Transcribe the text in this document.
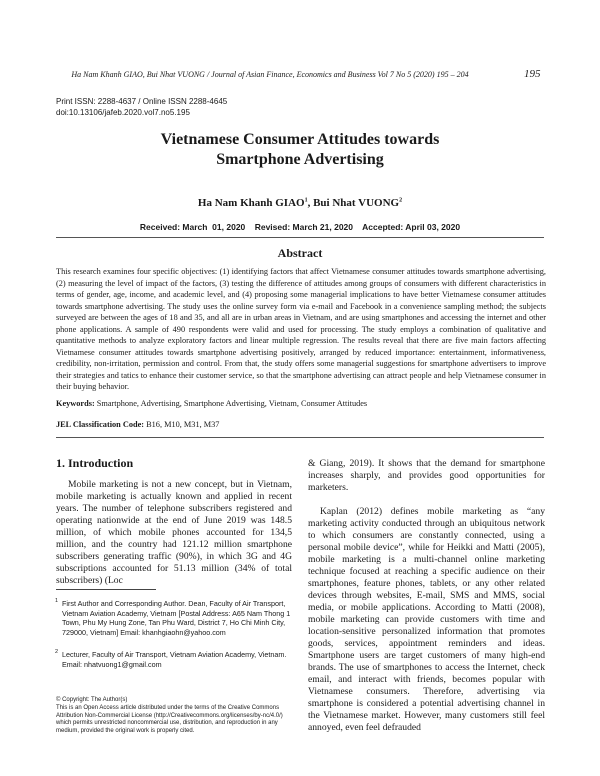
Ha Nam Khanh GIAO, Bui Nhat VUONG / Journal of Asian Finance, Economics and Business Vol 7 No 5 (2020) 195 – 204	195
Print ISSN: 2288-4637 / Online ISSN 2288-4645
doi:10.13106/jafeb.2020.vol7.no5.195
Vietnamese Consumer Attitudes towards
Smartphone Advertising
Ha Nam Khanh GIAO$^1$, Bui Nhat VUONG$^2$
Received: March  01, 2020    Revised: March 21, 2020    Accepted: April 03, 2020
Abstract
This research examines four specific objectives: (1) identifying factors that affect Vietnamese consumer attitudes towards smartphone advertising, (2) measuring the level of impact of the factors, (3) testing the difference of attitudes among groups of consumers with different characteristics in terms of gender, age, income, and academic level, and (4) proposing some managerial implications to have better Vietnamese consumer attitudes towards smartphone advertising. The study uses the online survey form via e-mail and Facebook in a convenience sampling method; the subjects surveyed are between the ages of 18 and 35, and all are in urban areas in Vietnam, and are using smartphones and accessing the internet and other phone applications. A sample of 490 respondents were valid and used for processing. The study employs a combination of qualitative and quantitative methods to analyze exploratory factors and linear multiple regression. The results reveal that there are five main factors affecting Vietnamese consumer attitudes towards smartphone advertising positively, arranged by reduced importance: entertainment, informativeness, credibility, non-irritation, permission and control. From that, the study offers some managerial suggestions for smartphone advertisers to improve their strategies and tatics to enhance their customer service, so that the smartphone advertising can attract people and help Vietnamese consumer in their buying behavior.
Keywords: Smartphone, Advertising, Smartphone Advertising, Vietnam, Consumer Attitudes
JEL Classification Code: B16, M10, M31, M37
1. Introduction

Mobile marketing is not a new concept, but in Vietnam, mobile marketing is actually known and applied in recent years. The number of telephone subscribers registered and operating nationwide at the end of June 2019 was 148.5 million, of which mobile phones accounted for 134,5 million, and the country had 121.12 million smartphone subscribers generating traffic (90%), in which 3G and 4G subscriptions accounted for 51.13 million (34% of total subscribers) (Loc

& Giang, 2019). It shows that the demand for smartphone increases sharply, and provides good opportunities for marketers.

Kaplan (2012) defines mobile marketing as “any marketing activity conducted through an ubiquitous network to which consumers are constantly connected, using a personal mobile device”, while for Heikki and Matti (2005), mobile marketing is a multi-channel online marketing technique focused at reaching a specific audience on their smartphones, feature phones, tablets, or any other related devices through websites, E-mail, SMS and MMS, social media, or mobile applications. According to Matti (2008), mobile marketing can provide customers with time and location-sensitive personalized information that promotes goods, services, appointment reminders and ideas. Smartphone users are target customers of many high-end brands. The use of smartphones to access the Internet, check email, and interact with friends, becomes popular with Vietnamese consumers. Therefore, advertising via smartphone is considered a potential advertising channel in the Vietnamese market. However, many customers still feel annoyed, even feel defrauded

1 First Author and Corresponding Author. Dean, Faculty of Air Transport, Vietnam Aviation Academy, Vietnam [Postal Address: A65 Nam Thong 1 Town, Phu My Hung Zone, Tan Phu Ward, District 7, Ho Chi Minh City, 729000, Vietnam] Email: khanhgiaohn@yahoo.com
2 Lecturer, Faculty of Air Transport, Vietnam Aviation Academy, Vietnam. Email: nhatvuong1@gmail.com
© Copyright: The Author(s)
This is an Open Access article distributed under the terms of the Creative Commons Attribution Non-Commercial License (http://Creativecommons.org/licenses/by-nc/4.0/) which permits unrestricted noncommercial use, distribution, and reproduction in any medium, provided the original work is properly cited.
